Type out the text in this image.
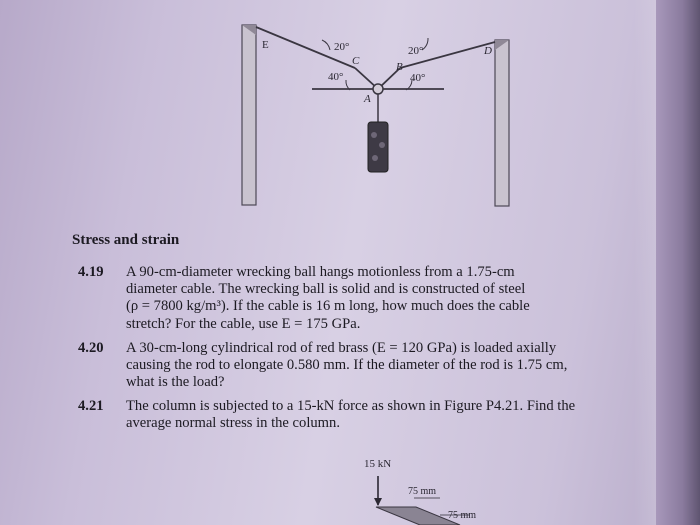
E	20°
C
20°
B
D
40°	40°
A
15 kN
75 mm
75 mm
Stress and strain
4.19	A 90-cm-diameter wrecking ball hangs motionless from a 1.75-cm
diameter cable. The wrecking ball is solid and is constructed of steel
(ρ = 7800 kg/m³). If the cable is 16 m long, how much does the cable
stretch? For the cable, use E = 175 GPa.
4.20	A 30-cm-long cylindrical rod of red brass (E = 120 GPa) is loaded axially
causing the rod to elongate 0.580 mm. If the diameter of the rod is 1.75 cm,
what is the load?
4.21	The column is subjected to a 15-kN force as shown in Figure P4.21. Find the
average normal stress in the column.
